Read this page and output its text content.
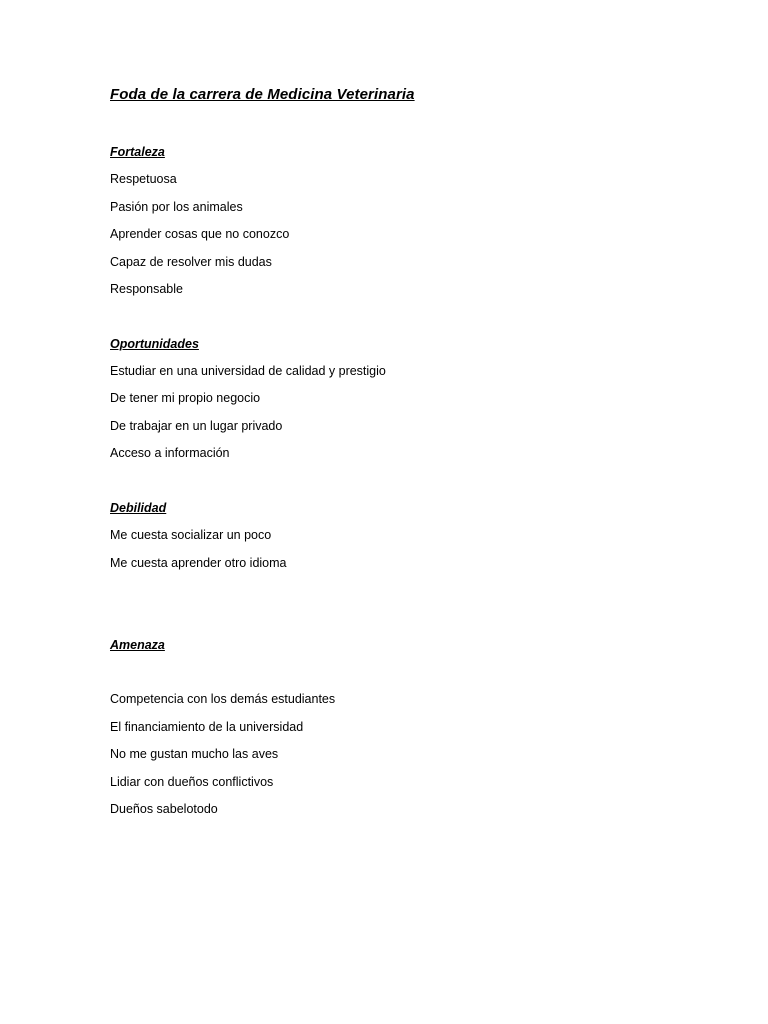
Foda de la carrera de Medicina Veterinaria
Fortaleza
Respetuosa
Pasión por los animales
Aprender cosas que no conozco
Capaz de resolver mis dudas
Responsable
Oportunidades
Estudiar en una universidad de calidad y prestigio
De tener mi propio negocio
De trabajar en un lugar privado
Acceso a información
Debilidad
Me cuesta socializar un poco
Me cuesta aprender otro idioma
Amenaza
Competencia con los demás estudiantes
El financiamiento de la universidad
No me gustan mucho las aves
Lidiar con dueños conflictivos
Dueños sabelotodo
